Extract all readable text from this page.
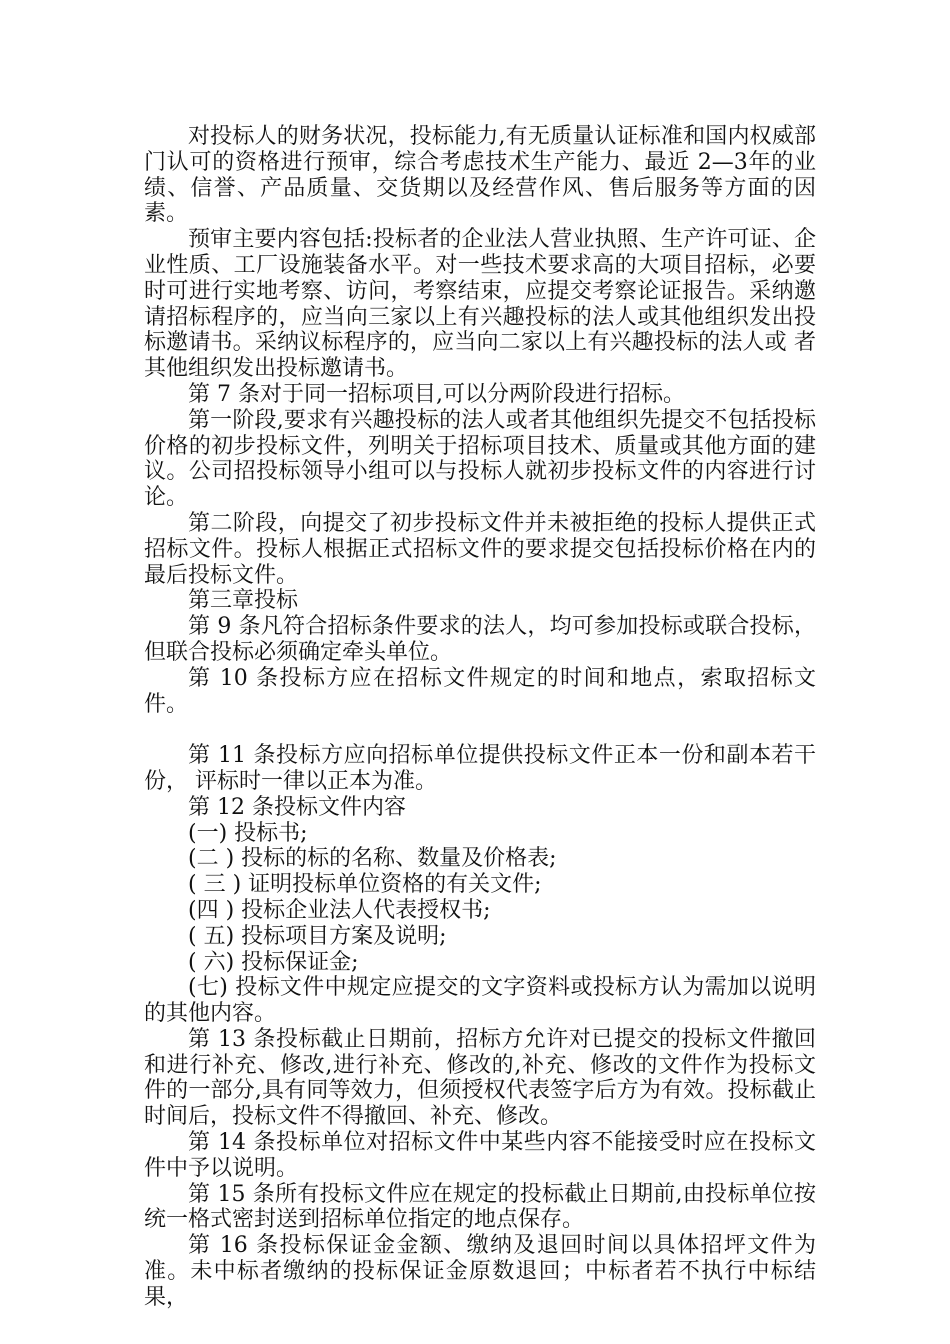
对投标人的财务状况，投标能力,有无质量认证标准和国内权威部门认可的资格进行预审，综合考虑技术生产能力、最近 2—3年的业绩、信誉、产品质量、交货期以及经营作风、售后服务等方面的因素。

预审主要内容包括:投标者的企业法人营业执照、生产许可证、企业性质、工厂设施装备水平。对一些技术要求高的大项目招标，必要时可进行实地考察、访问，考察结束，应提交考察论证报告。采纳邀请招标程序的，应当向三家以上有兴趣投标的法人或其他组织发出投标邀请书。采纳议标程序的，应当向二家以上有兴趣投标的法人或 者其他组织发出投标邀请书。

第 7 条对于同一招标项目,可以分两阶段进行招标。

第一阶段,要求有兴趣投标的法人或者其他组织先提交不包括投标价格的初步投标文件，列明关于招标项目技术、质量或其他方面的建议。公司招投标领导小组可以与投标人就初步投标文件的内容进行讨论。

第二阶段，向提交了初步投标文件并未被拒绝的投标人提供正式招标文件。投标人根据正式招标文件的要求提交包括投标价格在内的最后投标文件。

第三章投标

第 9 条凡符合招标条件要求的法人，均可参加投标或联合投标，但联合投标必须确定牵头单位。

第 10 条投标方应在招标文件规定的时间和地点，索取招标文件。

第 11 条投标方应向招标单位提供投标文件正本一份和副本若干份， 评标时一律以正本为准。

第 12 条投标文件内容

(一) 投标书;

(二 ) 投标的标的名称、数量及价格表;

( 三 ) 证明投标单位资格的有关文件;

(四 ) 投标企业法人代表授权书;

( 五) 投标项目方案及说明;

( 六) 投标保证金;

(七) 投标文件中规定应提交的文字资料或投标方认为需加以说明的其他内容。

第 13 条投标截止日期前，招标方允许对已提交的投标文件撤回和进行补充、修改,进行补充、修改的,补充、修改的文件作为投标文件的一部分,具有同等效力，但须授权代表签字后方为有效。投标截止时间后，投标文件不得撤回、补充、修改。

第 14 条投标单位对招标文件中某些内容不能接受时应在投标文件中予以说明。

第 15 条所有投标文件应在规定的投标截止日期前,由投标单位按统一格式密封送到招标单位指定的地点保存。

第 16 条投标保证金金额、缴纳及退回时间以具体招坪文件为准。未中标者缴纳的投标保证金原数退回；中标者若不执行中标结果，
